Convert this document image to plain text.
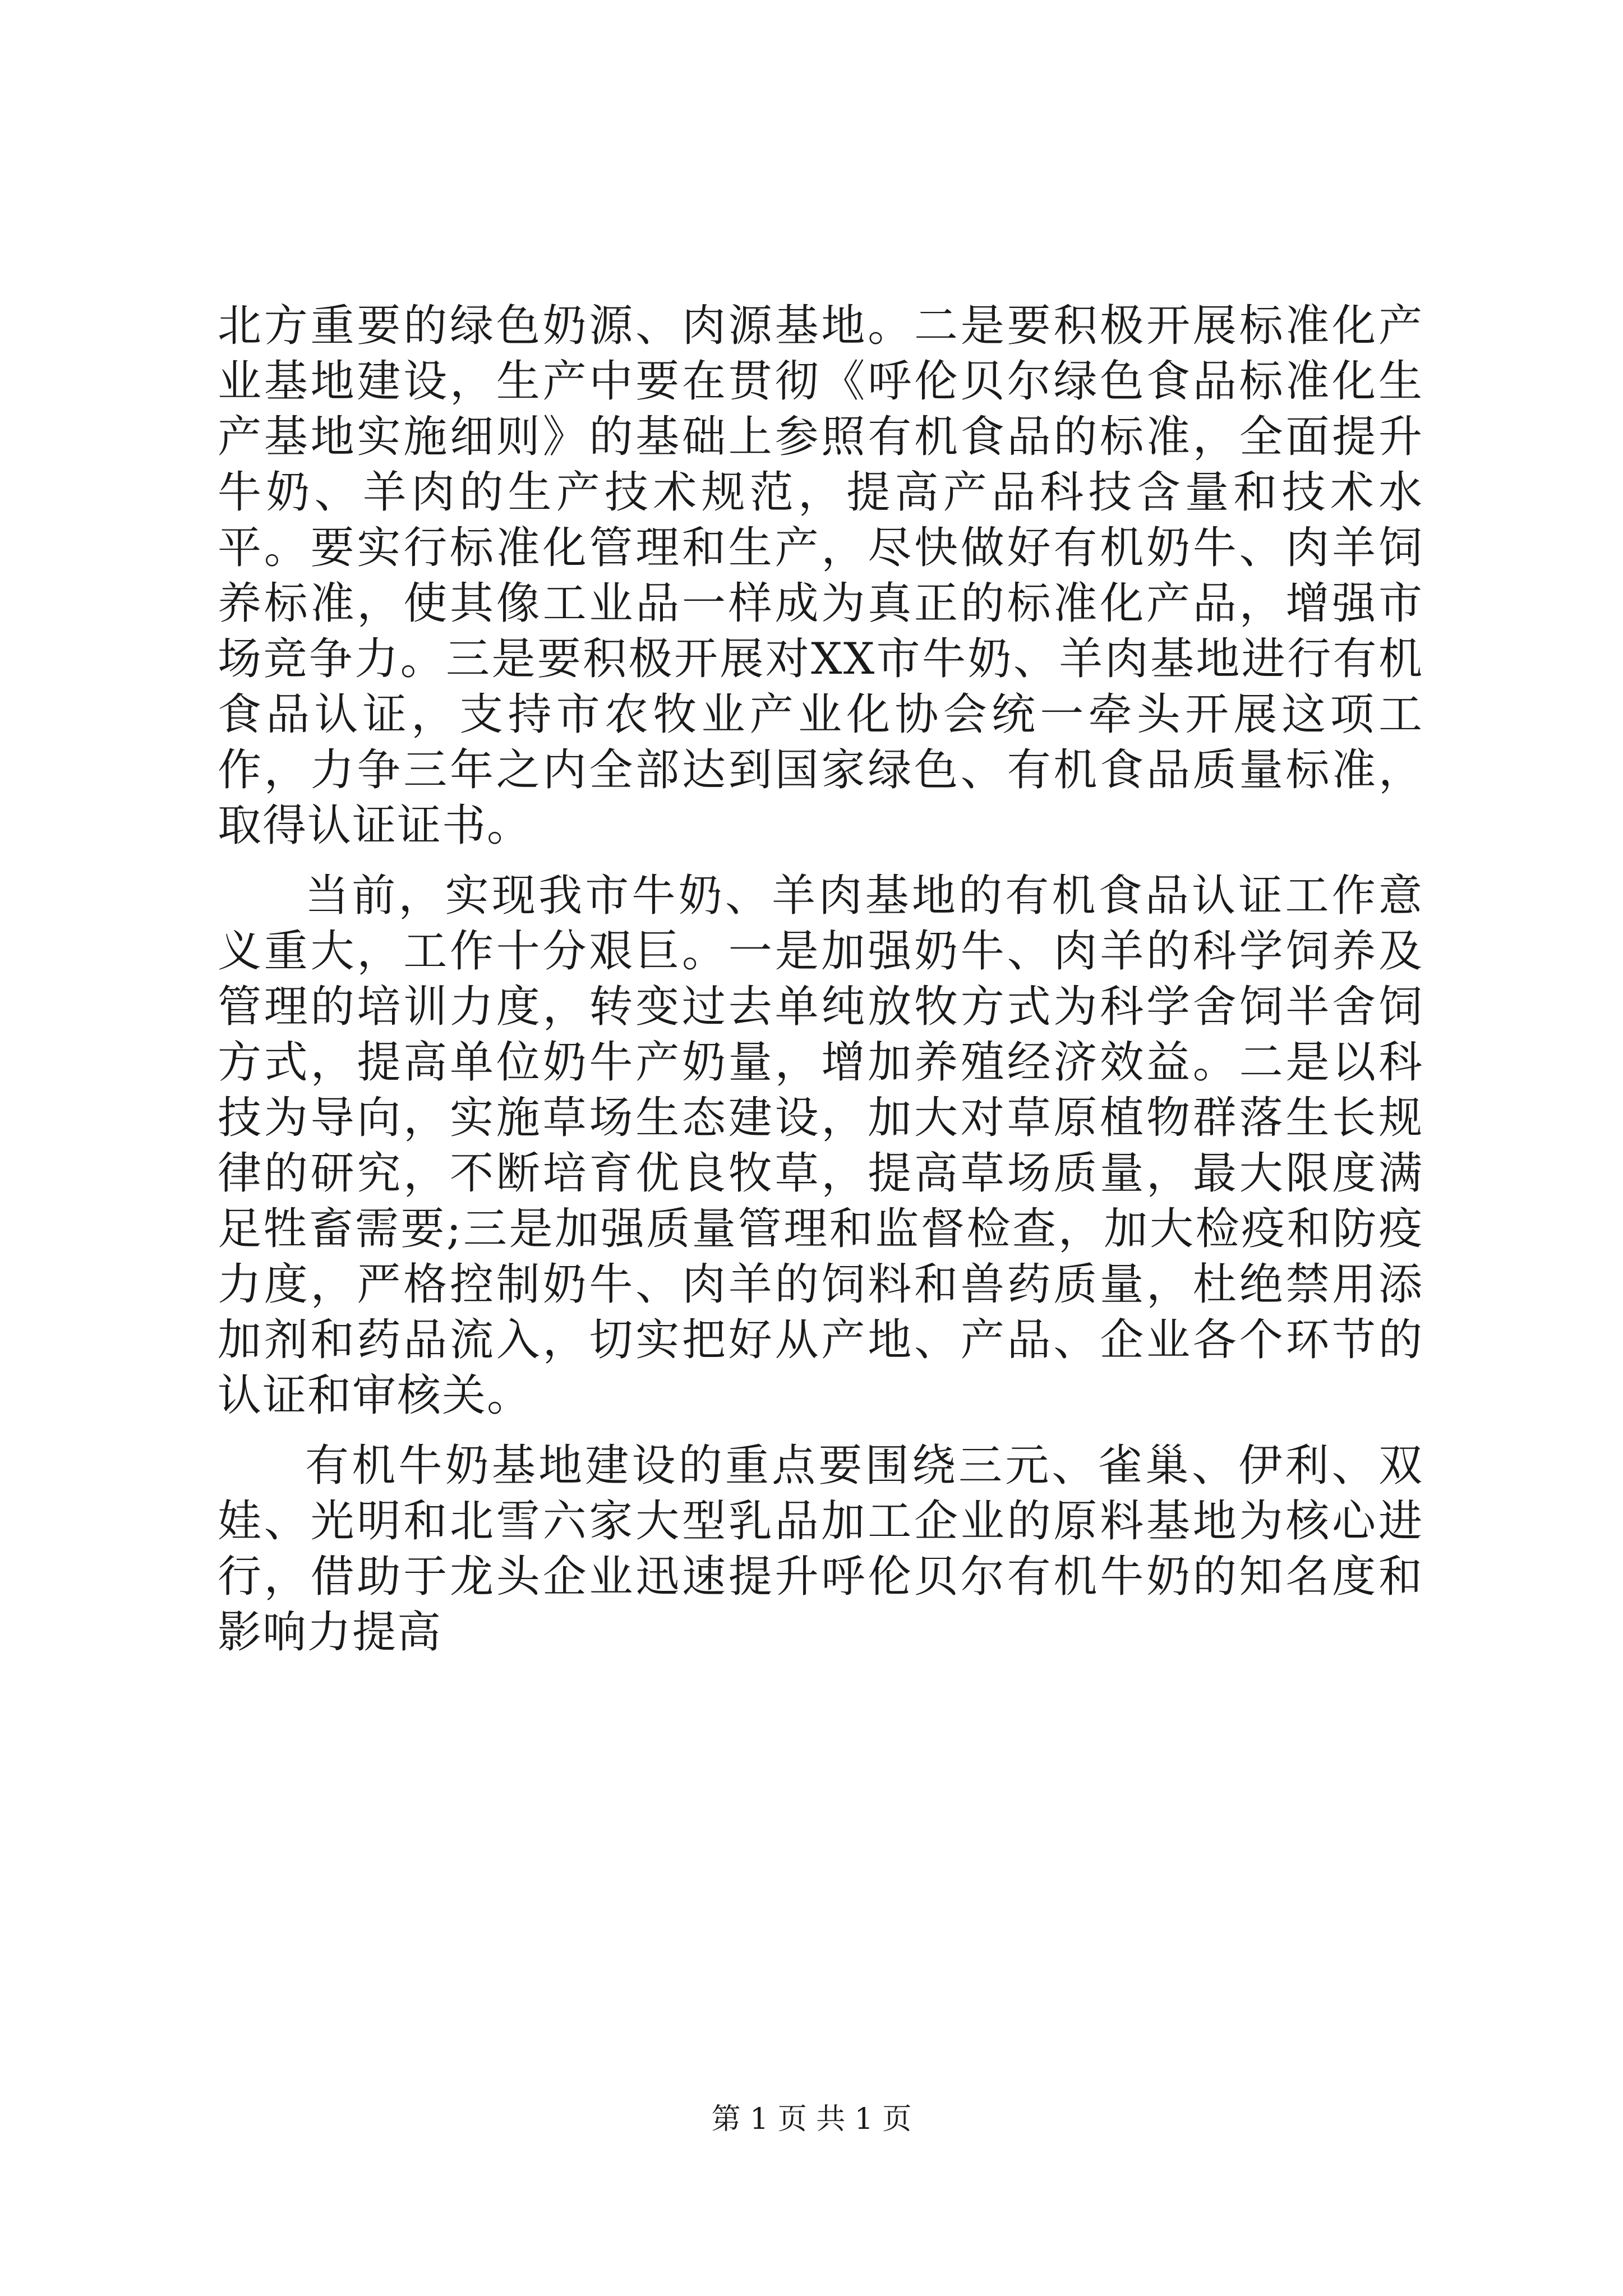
北方重要的绿色奶源、肉源基地。二是要积极开展标准化产业基地建设，生产中要在贯彻《呼伦贝尔绿色食品标准化生产基地实施细则》的基础上参照有机食品的标准，全面提升牛奶、羊肉的生产技术规范，提高产品科技含量和技术水平。要实行标准化管理和生产，尽快做好有机奶牛、肉羊饲养标准，使其像工业品一样成为真正的标准化产品，增强市场竞争力。三是要积极开展对XX市牛奶、羊肉基地进行有机食品认证，支持市农牧业产业化协会统一牵头开展这项工作，力争三年之内全部达到国家绿色、有机食品质量标准，取得认证证书。

当前，实现我市牛奶、羊肉基地的有机食品认证工作意义重大，工作十分艰巨。一是加强奶牛、肉羊的科学饲养及管理的培训力度，转变过去单纯放牧方式为科学舍饲半舍饲方式，提高单位奶牛产奶量，增加养殖经济效益。二是以科技为导向，实施草场生态建设，加大对草原植物群落生长规律的研究，不断培育优良牧草，提高草场质量，最大限度满足牲畜需要;三是加强质量管理和监督检查，加大检疫和防疫力度，严格控制奶牛、肉羊的饲料和兽药质量，杜绝禁用添加剂和药品流入，切实把好从产地、产品、企业各个环节的认证和审核关。

有机牛奶基地建设的重点要围绕三元、雀巢、伊利、双娃、光明和北雪六家大型乳品加工企业的原料基地为核心进行，借助于龙头企业迅速提升呼伦贝尔有机牛奶的知名度和影响力提高

第 1 页 共 1 页
